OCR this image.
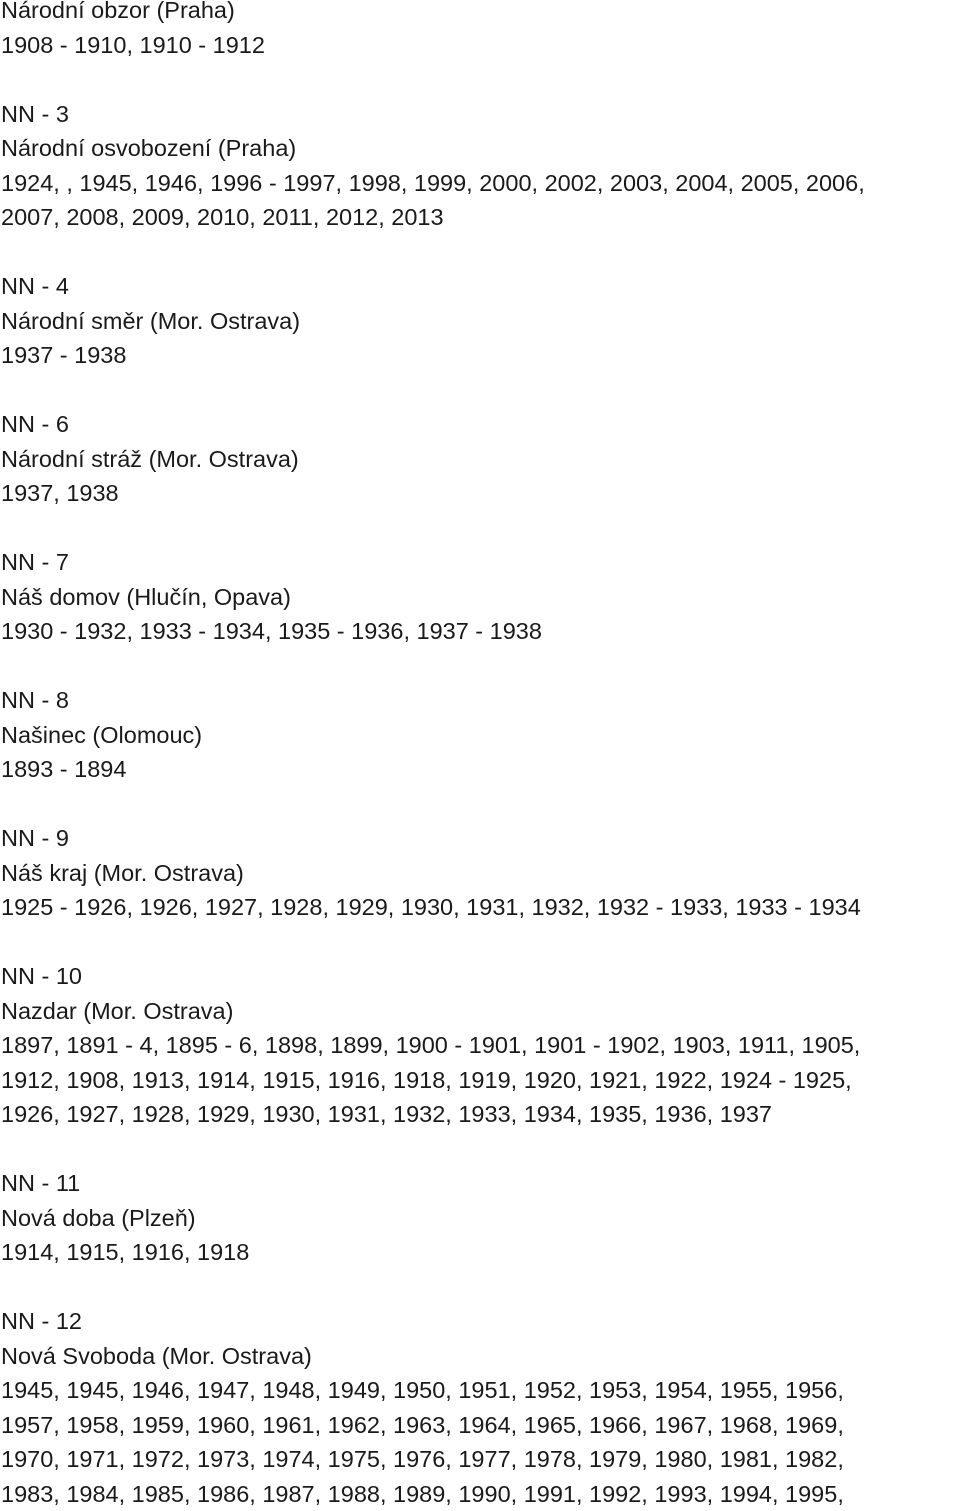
Národní obzor (Praha)
1908 - 1910, 1910 - 1912
NN - 3
Národní osvobození (Praha)
1924, , 1945, 1946, 1996 - 1997, 1998, 1999, 2000, 2002, 2003, 2004, 2005, 2006,
2007, 2008, 2009, 2010, 2011, 2012, 2013
NN - 4
Národní směr (Mor. Ostrava)
1937 - 1938
NN - 6
Národní stráž (Mor. Ostrava)
1937, 1938
NN - 7
Náš domov (Hlučín, Opava)
1930 - 1932, 1933 - 1934, 1935 - 1936, 1937 - 1938
NN - 8
Našinec (Olomouc)
1893 - 1894
NN - 9
Náš kraj (Mor. Ostrava)
1925 - 1926, 1926, 1927, 1928, 1929, 1930, 1931, 1932, 1932 - 1933, 1933 - 1934
NN - 10
Nazdar (Mor. Ostrava)
1897, 1891 - 4, 1895 - 6, 1898, 1899, 1900 - 1901, 1901 - 1902, 1903, 1911, 1905,
1912, 1908, 1913, 1914, 1915, 1916, 1918, 1919, 1920, 1921, 1922, 1924 - 1925,
1926, 1927, 1928, 1929, 1930, 1931, 1932, 1933, 1934, 1935, 1936, 1937
NN - 11
Nová doba (Plzeň)
1914, 1915, 1916, 1918
NN - 12
Nová Svoboda (Mor. Ostrava)
1945, 1945, 1946, 1947, 1948, 1949, 1950, 1951, 1952, 1953, 1954, 1955, 1956,
1957, 1958, 1959, 1960, 1961, 1962, 1963, 1964, 1965, 1966, 1967, 1968, 1969,
1970, 1971, 1972, 1973, 1974, 1975, 1976, 1977, 1978, 1979, 1980, 1981, 1982,
1983, 1984, 1985, 1986, 1987, 1988, 1989, 1990, 1991, 1992, 1993, 1994, 1995,
